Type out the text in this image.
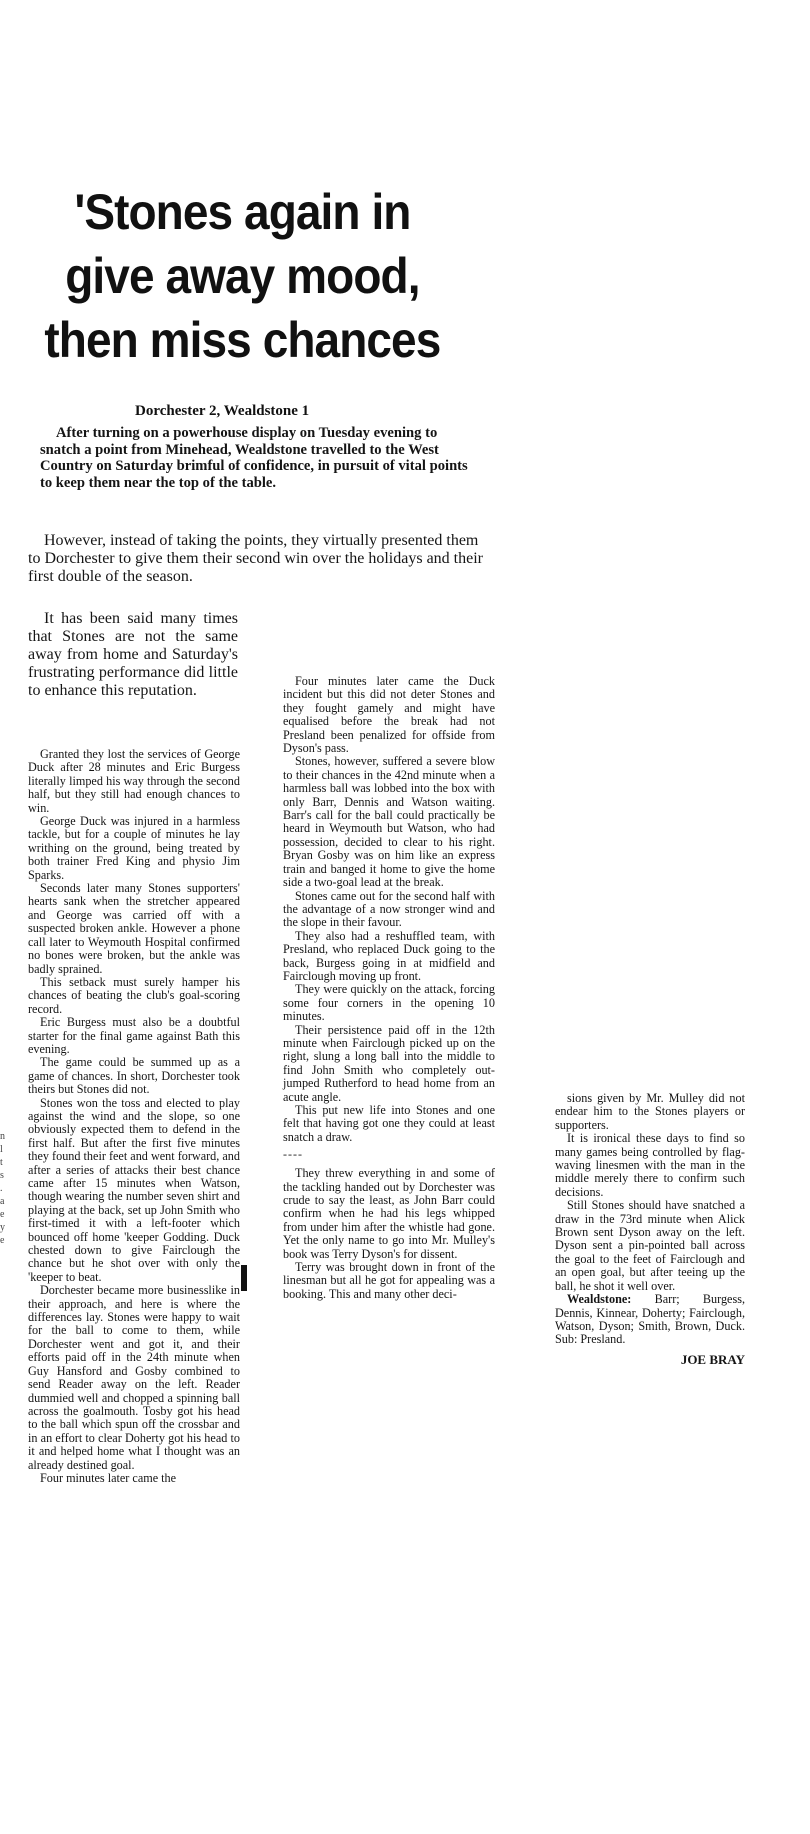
'Stones again in
give away mood,
then miss chances
Dorchester 2, Wealdstone 1

After turning on a powerhouse display on Tuesday evening to snatch a point from Minehead, Wealdstone travelled to the West Country on Saturday brimful of confidence, in pursuit of vital points to keep them near the top of the table.

However, instead of taking the points, they virtually presented them to Dorchester to give them their second win over the holidays and their first double of the season.

It has been said many times that Stones are not the same away from home and Saturday's frustrating performance did little to enhance this reputation.

Granted they lost the services of George Duck after 28 minutes and Eric Burgess literally limped his way through the second half, but they still had enough chances to win.

George Duck was injured in a harmless tackle, but for a couple of minutes he lay writhing on the ground, being treated by both trainer Fred King and physio Jim Sparks.

Seconds later many Stones supporters' hearts sank when the stretcher appeared and George was carried off with a suspected broken ankle. However a phone call later to Weymouth Hospital confirmed no bones were broken, but the ankle was badly sprained.

This setback must surely hamper his chances of beating the club's goal-scoring record.

Eric Burgess must also be a doubtful starter for the final game against Bath this evening.

The game could be summed up as a game of chances. In short, Dorchester took theirs but Stones did not.

Stones won the toss and elected to play against the wind and the slope, so one obviously expected them to defend in the first half. But after the first five minutes they found their feet and went forward, and after a series of attacks their best chance came after 15 minutes when Watson, though wearing the number seven shirt and playing at the back, set up John Smith who first-timed it with a left-footer which bounced off home 'keeper Godding. Duck chested down to give Fairclough the chance but he shot over with only the 'keeper to beat.

Dorchester became more businesslike in their approach, and here is where the differences lay. Stones were happy to wait for the ball to come to them, while Dorchester went and got it, and their efforts paid off in the 24th minute when Guy Hansford and Gosby combined to send Reader away on the left. Reader dummied well and chopped a spinning ball across the goalmouth. Tosby got his head to the ball which spun off the crossbar and in an effort to clear Doherty got his head to it and helped home what I thought was an already destined goal.

Four minutes later came the

Four minutes later came the Duck incident but this did not deter Stones and they fought gamely and might have equalised before the break had not Presland been penalized for offside from Dyson's pass.

Stones, however, suffered a severe blow to their chances in the 42nd minute when a harmless ball was lobbed into the box with only Barr, Dennis and Watson waiting. Barr's call for the ball could practically be heard in Weymouth but Watson, who had possession, decided to clear to his right. Bryan Gosby was on him like an express train and banged it home to give the home side a two-goal lead at the break.

Stones came out for the second half with the advantage of a now stronger wind and the slope in their favour.

They also had a reshuffled team, with Presland, who replaced Duck going to the back, Burgess going in at midfield and Fairclough moving up front.

They were quickly on the attack, forcing some four corners in the opening 10 minutes.

Their persistence paid off in the 12th minute when Fairclough picked up on the right, slung a long ball into the middle to find John Smith who completely out-jumped Rutherford to head home from an acute angle.

This put new life into Stones and one felt that having got one they could at least snatch a draw.

----

They threw everything in and some of the tackling handed out by Dorchester was crude to say the least, as John Barr could confirm when he had his legs whipped from under him after the whistle had gone. Yet the only name to go into Mr. Mulley's book was Terry Dyson's for dissent.

Terry was brought down in front of the linesman but all he got for appealing was a booking. This and many other deci-

sions given by Mr. Mulley did not endear him to the Stones players or supporters.

It is ironical these days to find so many games being controlled by flag-waving linesmen with the man in the middle merely there to confirm such decisions.

Still Stones should have snatched a draw in the 73rd minute when Alick Brown sent Dyson away on the left. Dyson sent a pin-pointed ball across the goal to the feet of Fairclough and an open goal, but after teeing up the ball, he shot it well over.

Wealdstone: Barr; Burgess, Dennis, Kinnear, Doherty; Fairclough, Watson, Dyson; Smith, Brown, Duck. Sub: Presland.

JOE BRAY
n l t s . a e y e
